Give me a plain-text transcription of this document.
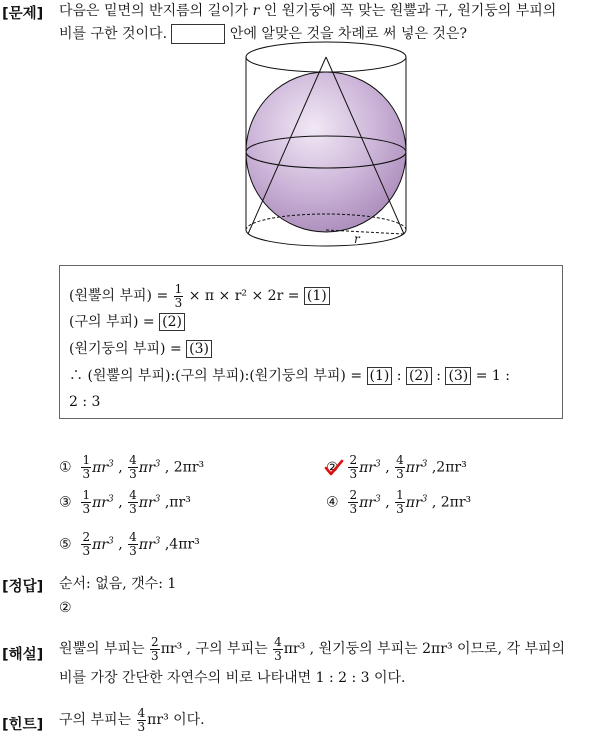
[문제] 다음은 밑면의 반지름의 길이가 r 인 원기둥에 꼭 맞는 원뿔과 구, 원기둥의 부피의
비를 구한 것이다.	안에 알맞은 것을 차례로 써 넣은 것은?
r
(원뿔의 부피) = $\frac{1}{3} \times \pi \times r^2 \times 2r = (1)$
(구의 부피) = (2)
(원기둥의 부피) = (3)
∴ (원뿔의 부피):(구의 부피):(원기둥의 부피) = (1) : (2) : (3) = 1 :
2 : 3
① $\frac{1}{3} \pi r^3$ , $\frac{4}{3} \pi r^3$ , 2πr³	②
$\frac{2}{3} \pi r^3$ , $\frac{4}{3} \pi r^3$ ,2πr³
③ $\frac{1}{3} \pi r^3$ , $\frac{4}{3} \pi r^3$ ,πr³	④ $\frac{2}{3} \pi r^3$ , $\frac{1}{3} \pi r^3$ , 2πr³
⑤ $\frac{2}{3} \pi r^3$ , $\frac{4}{3} \pi r^3$ ,4πr³
[정답] 순서: 없음, 갯수: 1
②
[해설] 원뿔의 부피는 $\frac{2}{3} \pi r^3$ , 구의 부피는 $\frac{4}{3} \pi r^3$ , 원기둥의 부피는 2πr³ 이므로, 각 부피의
비를 가장 간단한 자연수의 비로 나타내면 1 : 2 : 3 이다.
[힌트] 구의 부피는 $\frac{4}{3} \pi r^3$ 이다.
